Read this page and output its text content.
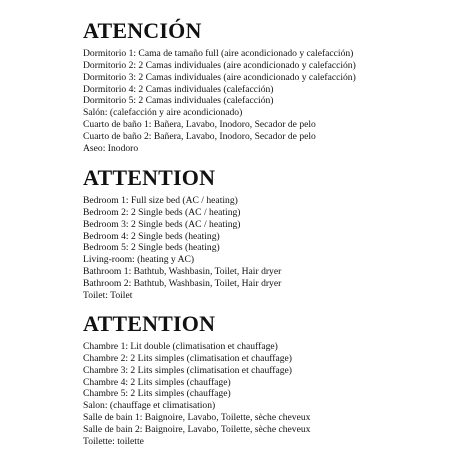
ATENCIÓN
Dormitorio 1: Cama de tamaño full (aire acondicionado y calefacción)
Dormitorio 2: 2 Camas individuales (aire acondicionado y calefacción)
Dormitorio 3: 2 Camas individuales (aire acondicionado y calefacción)
Dormitorio 4: 2 Camas individuales (calefacción)
Dormitorio 5: 2 Camas individuales (calefacción)
Salón: (calefacción y aire acondicionado)
Cuarto de baño 1: Bañera, Lavabo, Inodoro, Secador de pelo
Cuarto de baño 2: Bañera, Lavabo, Inodoro, Secador de pelo
Aseo: Inodoro
ATTENTION
Bedroom 1: Full size bed (AC / heating)
Bedroom 2: 2 Single beds (AC / heating)
Bedroom 3: 2 Single beds (AC / heating)
Bedroom 4: 2 Single beds (heating)
Bedroom 5: 2 Single beds (heating)
Living-room: (heating y AC)
Bathroom 1: Bathtub, Washbasin, Toilet, Hair dryer
Bathroom 2: Bathtub, Washbasin, Toilet, Hair dryer
Toilet: Toilet
ATTENTION
Chambre 1: Lit double (climatisation et chauffage)
Chambre 2: 2 Lits simples (climatisation et chauffage)
Chambre 3: 2 Lits simples (climatisation et chauffage)
Chambre 4: 2 Lits simples (chauffage)
Chambre 5: 2 Lits simples (chauffage)
Salon: (chauffage et climatisation)
Salle de bain 1: Baignoire, Lavabo, Toilette, sèche cheveux
Salle de bain 2: Baignoire, Lavabo, Toilette, sèche cheveux
Toilette: toilette
